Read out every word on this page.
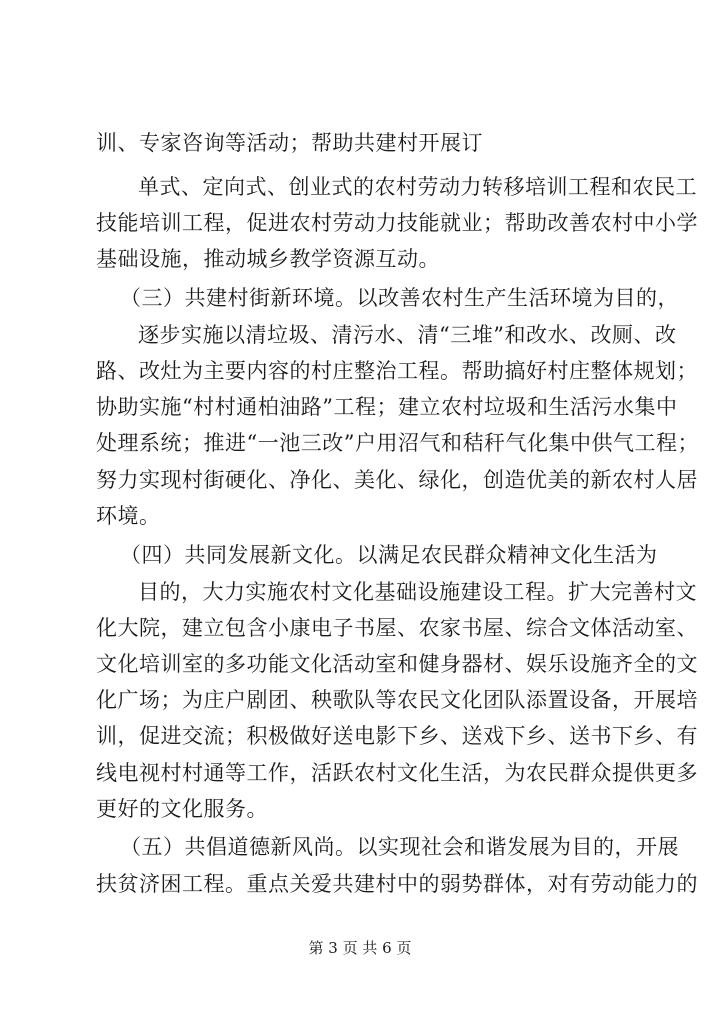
训、专家咨询等活动；帮助共建村开展订
单式、定向式、创业式的农村劳动力转移培训工程和农民工
技能培训工程，促进农村劳动力技能就业；帮助改善农村中小学
基础设施，推动城乡教学资源互动。
（三）共建村街新环境。以改善农村生产生活环境为目的，
逐步实施以清垃圾、清污水、清“三堆”和改水、改厕、改
路、改灶为主要内容的村庄整治工程。帮助搞好村庄整体规划；
协助实施“村村通柏油路”工程；建立农村垃圾和生活污水集中
处理系统；推进“一池三改”户用沼气和秸秆气化集中供气工程；
努力实现村街硬化、净化、美化、绿化，创造优美的新农村人居
环境。
（四）共同发展新文化。以满足农民群众精神文化生活为
目的，大力实施农村文化基础设施建设工程。扩大完善村文
化大院，建立包含小康电子书屋、农家书屋、综合文体活动室、
文化培训室的多功能文化活动室和健身器材、娱乐设施齐全的文
化广场；为庄户剧团、秧歌队等农民文化团队添置设备，开展培
训，促进交流；积极做好送电影下乡、送戏下乡、送书下乡、有
线电视村村通等工作，活跃农村文化生活，为农民群众提供更多
更好的文化服务。
（五）共倡道德新风尚。以实现社会和谐发展为目的，开展
扶贫济困工程。重点关爱共建村中的弱势群体，对有劳动能力的
第 3 页 共 6 页
